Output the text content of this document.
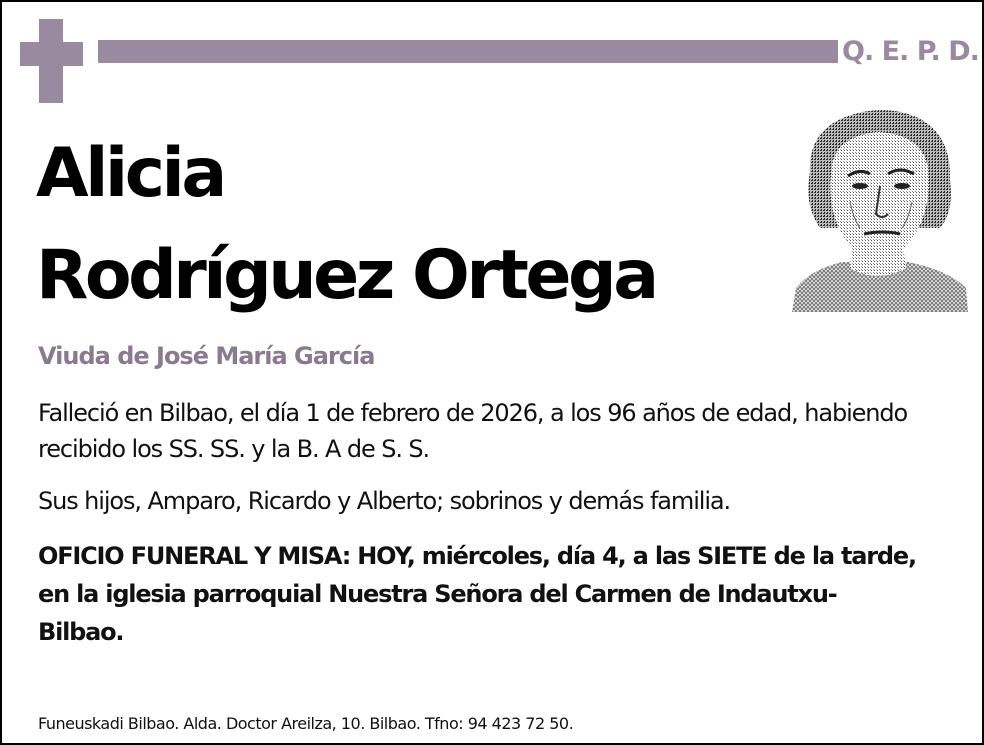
Q. E. P. D.
Alicia
Rodríguez Ortega
Viuda de José María García

Falleció en Bilbao, el día 1 de febrero de 2026, a los 96 años de edad, habiendo recibido los SS. SS. y la B. A de S. S.

Sus hijos, Amparo, Ricardo y Alberto; sobrinos y demás familia.

OFICIO FUNERAL Y MISA: HOY, miércoles, día 4, a las SIETE de la tarde, en la iglesia parroquial Nuestra Señora del Carmen de Indautxu-Bilbao.

Funeuskadi Bilbao. Alda. Doctor Areilza, 10. Bilbao. Tfno: 94 423 72 50.
